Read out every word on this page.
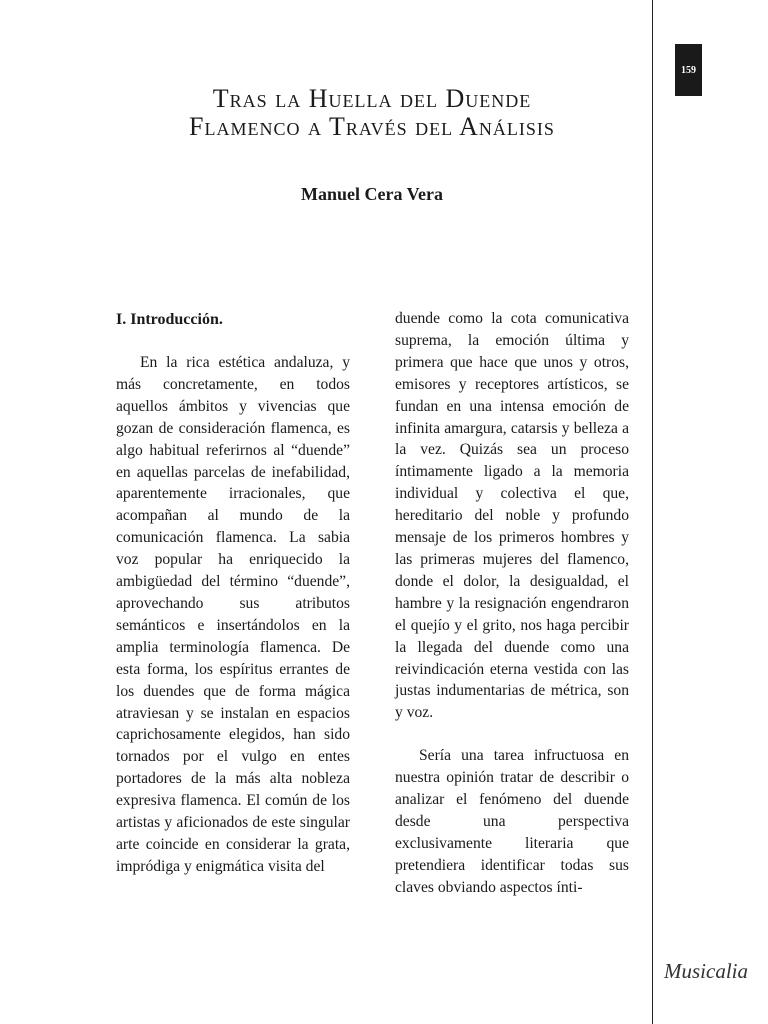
159
Tras la Huella del Duende
Flamenco a Través del Análisis
Manuel Cera Vera
I. Introducción.

En la rica estética andaluza, y más concretamente, en todos aquellos ámbitos y vivencias que gozan de consideración flamenca, es algo habitual referirnos al “duende” en aquellas parcelas de inefabilidad, aparentemente irracionales, que acompañan al mundo de la comunicación flamenca. La sabia voz popular ha enriquecido la ambigüedad del término “duende”, aprovechando sus atributos semánticos e insertándolos en la amplia terminología flamenca. De esta forma, los espíritus errantes de los duendes que de forma mágica atraviesan y se instalan en espacios caprichosamente elegidos, han sido tornados por el vulgo en entes portadores de la más alta nobleza expresiva flamenca. El común de los artistas y aficionados de este singular arte coincide en considerar la grata, impródiga y enigmática visita del

duende como la cota comunicativa suprema, la emoción última y primera que hace que unos y otros, emisores y receptores artísticos, se fundan en una intensa emoción de infinita amargura, catarsis y belleza a la vez. Quizás sea un proceso íntimamente ligado a la memoria individual y colectiva el que, hereditario del noble y profundo mensaje de los primeros hombres y las primeras mujeres del flamenco, donde el dolor, la desigualdad, el hambre y la resignación engendraron el quejío y el grito, nos haga percibir la llegada del duende como una reivindicación eterna vestida con las justas indumentarias de métrica, son y voz.

Sería una tarea infructuosa en nuestra opinión tratar de describir o analizar el fenómeno del duende desde una perspectiva exclusivamente literaria que pretendiera identificar todas sus claves obviando aspectos ínti-

Musicalia
